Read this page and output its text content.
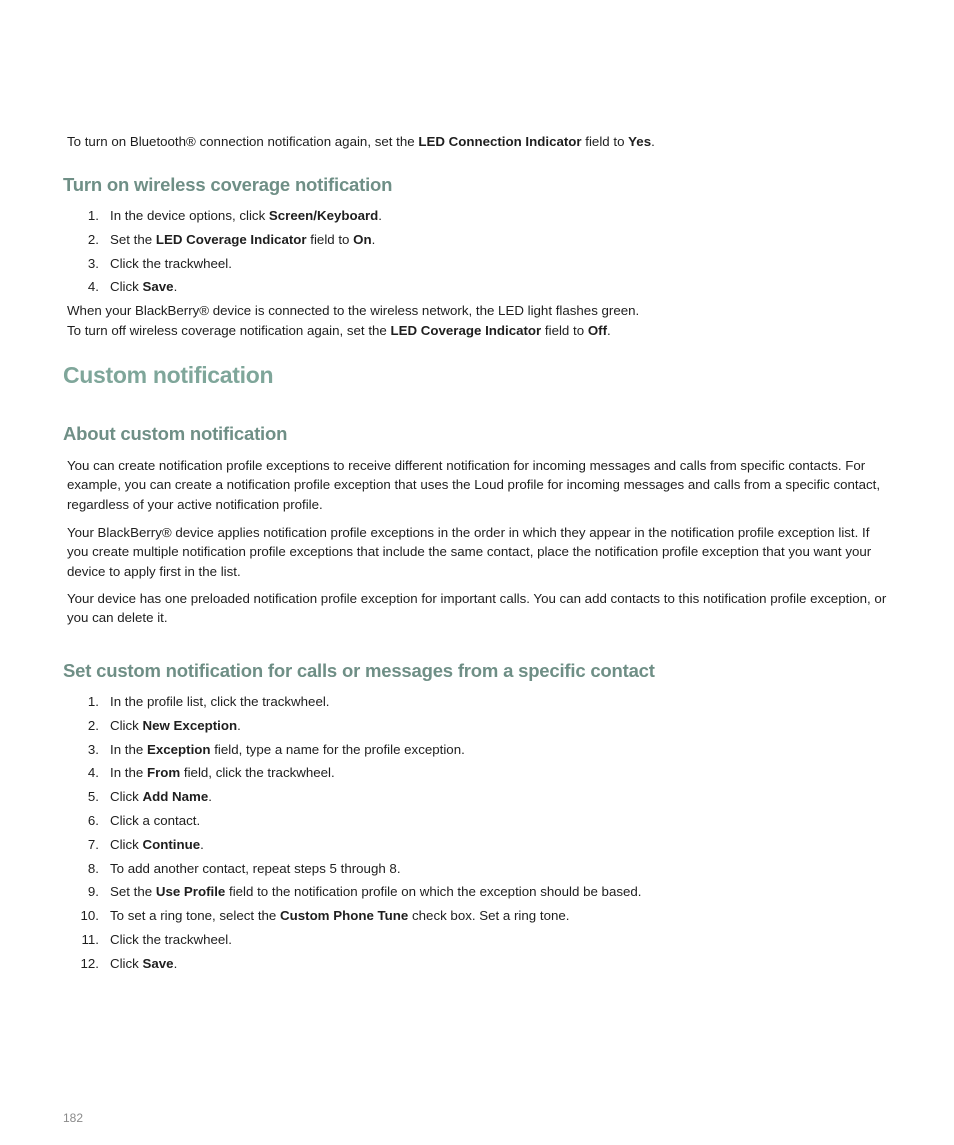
To turn on Bluetooth® connection notification again, set the LED Connection Indicator field to Yes.

Turn on wireless coverage notification
1. In the device options, click Screen/Keyboard.
2. Set the LED Coverage Indicator field to On.
3. Click the trackwheel.
4. Click Save.

When your BlackBerry® device is connected to the wireless network, the LED light flashes green.

To turn off wireless coverage notification again, set the LED Coverage Indicator field to Off.

Custom notification
About custom notification

You can create notification profile exceptions to receive different notification for incoming messages and calls from specific contacts. For example, you can create a notification profile exception that uses the Loud profile for incoming messages and calls from a specific contact, regardless of your active notification profile.

Your BlackBerry® device applies notification profile exceptions in the order in which they appear in the notification profile exception list. If you create multiple notification profile exceptions that include the same contact, place the notification profile exception that you want your device to apply first in the list.

Your device has one preloaded notification profile exception for important calls. You can add contacts to this notification profile exception, or you can delete it.

Set custom notification for calls or messages from a specific contact
1. In the profile list, click the trackwheel.
2. Click New Exception.
3. In the Exception field, type a name for the profile exception.
4. In the From field, click the trackwheel.
5. Click Add Name.
6. Click a contact.
7. Click Continue.
8. To add another contact, repeat steps 5 through 8.
9. Set the Use Profile field to the notification profile on which the exception should be based.
10. To set a ring tone, select the Custom Phone Tune check box. Set a ring tone.
11. Click the trackwheel.
12. Click Save.
182
